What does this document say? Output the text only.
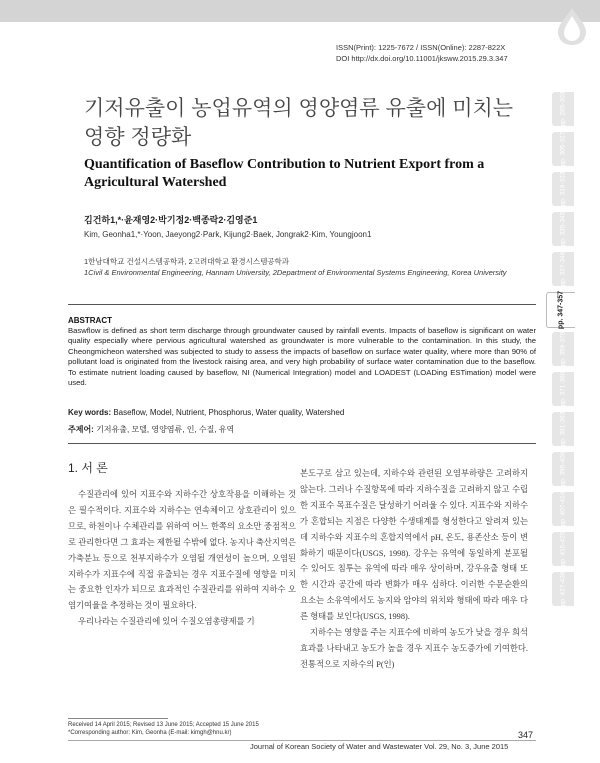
ISSN(Print): 1225-7672 / ISSN(Online): 2287-822X
DOI http://dx.doi.org/10.11001/jksww.2015.29.3.347
기저유출이 농업유역의 영양염류 유출에 미치는
영향 정량화
Quantification of Baseflow Contribution to Nutrient Export from a
Agricultural Watershed
김건하1,*·윤재영2·박기정2·백종락2·김영준1
Kim, Geonha1,*·Yoon, Jaeyong2·Park, Kijung2·Baek, Jongrak2·Kim, Youngjoon1
1한남대학교 건설시스템공학과, 2고려대학교 환경시스템공학과
1Civil & Environmental Engineering, Hannam University, 2Department of Environmental Systems Engineering, Korea University
ABSTRACT
Baswflow is defined as short term discharge through groundwater caused by rainfall events. Impacts of baseflow is significant on water quality especially where pervious agricultural watershed as groundwater is more vulnerable to the contamination. In this study, the Cheongmicheon watershed was subjected to study to assess the impacts of baseflow on surface water quality, where more than 90% of pollutant load is originated from the livestock raising area, and very high probability of surface water contamination due to the baseflow. To estimate nutrient loading caused by baseflow, NI (Numerical Integration) model and LOADEST (LOADing ESTimation) model were used.
Key words: Baseflow, Model, Nutrient, Phosphorus, Water quality, Watershed
주제어: 기저유출, 모델, 영양염류, 인, 수질, 유역
1. 서 론

수질관리에 있어 지표수와 지하수간 상호작용을 이해하는 것은 필수적이다. 지표수와 지하수는 연속체이고 상호관리이 있으므로, 하천이나 수체관리를 위하여 어느 한쪽의 요소만 중점적으로 관리한다면 그 효과는 제한될 수밖에 없다. 농지나 축산지역은 가축분뇨 등으로 천부지하수가 오염될 개연성이 높으며, 오염된 지하수가 지표수에 직접 유출되는 경우 지표수질에 영향을 미치는 중요한 인자가 되므로 효과적인 수질관리를 위하여 지하수 오염기여율을 추정하는 것이 필요하다.

우리나라는 수질관리에 있어 수질오염총량제를 기

본도구로 삼고 있는데, 지하수와 관련된 오염부하량은 고려하지 않는다. 그러나 수질항목에 따라 지하수질을 고려하지 않고 수립한 지표수 목표수질은 달성하기 어려울 수 있다. 지표수와 지하수가 혼합되는 지점은 다양한 수생태계를 형성한다고 알려져 있는데 지하수와 지표수의 혼합지역에서 pH, 온도, 용존산소 등이 변화하기 때문이다(USGS, 1998). 강우는 유역에 동일하게 분포될 수 있어도 침투는 유역에 따라 매우 상이하며, 강우유출 형태 또한 시간과 공간에 따라 변화가 매우 심하다. 이러한 수문순환의 요소는 소유역에서도 농지와 암야의 위치와 형태에 따라 매우 다른 형태를 보인다(USGS, 1998).

지하수는 영향을 주는 지표수에 비하여 농도가 낮을 경우 희석효과를 나타내고 농도가 높을 경우 지표수 농도증가에 기여한다. 전통적으로 지하수의 P(인)

Received 14 April 2015; Revised 13 June 2015; Accepted 15 June 2015
*Corresponding author: Kim, Geonha (E-mail: kimgh@hnu.kr)	347
Journal of Korean Society of Water and Wastewater Vol. 29, No. 3, June 2015
pp. 285-303
pp. 305-317
pp. 319-333
pp. 335-345
pp. 337-346
pp. 347-357
pp. 359-370
pp. 371-380
pp. 381-393
pp. 395-406
pp. 407-414
pp. 415-425
pp. 427-436
